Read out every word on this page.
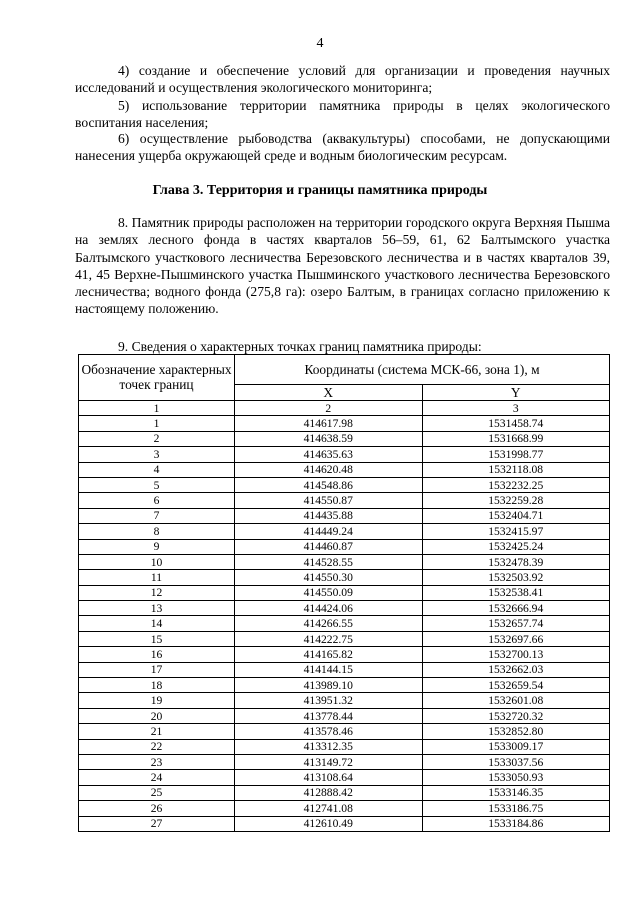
4

4) создание и обеспечение условий для организации и проведения научных исследований и осуществления экологического мониторинга;

5) использование территории памятника природы в целях экологического воспитания населения;

6) осуществление рыбоводства (аквакультуры) способами, не допускающими нанесения ущерба окружающей среде и водным биологическим ресурсам.

Глава 3. Территория и границы памятника природы

8. Памятник природы расположен на территории городского округа Верхняя Пышма на землях лесного фонда в частях кварталов 56–59, 61, 62 Балтымского участка Балтымского участкового лесничества Березовского лесничества и в частях кварталов 39, 41, 45 Верхне-Пышминского участка Пышминского участкового лесничества Березовского лесничества; водного фонда (275,8 га): озеро Балтым, в границах согласно приложению к настоящему положению.

9. Сведения о характерных точках границ памятника природы:

Обозначение характерных точек границ	Координаты (система МСК-66, зона 1), м	
	X	Y
1	2	3
1	414617.98	1531458.74
2	414638.59	1531668.99
3	414635.63	1531998.77
4	414620.48	1532118.08
5	414548.86	1532232.25
6	414550.87	1532259.28
7	414435.88	1532404.71
8	414449.24	1532415.97
9	414460.87	1532425.24
10	414528.55	1532478.39
11	414550.30	1532503.92
12	414550.09	1532538.41
13	414424.06	1532666.94
14	414266.55	1532657.74
15	414222.75	1532697.66
16	414165.82	1532700.13
17	414144.15	1532662.03
18	413989.10	1532659.54
19	413951.32	1532601.08
20	413778.44	1532720.32
21	413578.46	1532852.80
22	413312.35	1533009.17
23	413149.72	1533037.56
24	413108.64	1533050.93
25	412888.42	1533146.35
26	412741.08	1533186.75
27	412610.49	1533184.86
